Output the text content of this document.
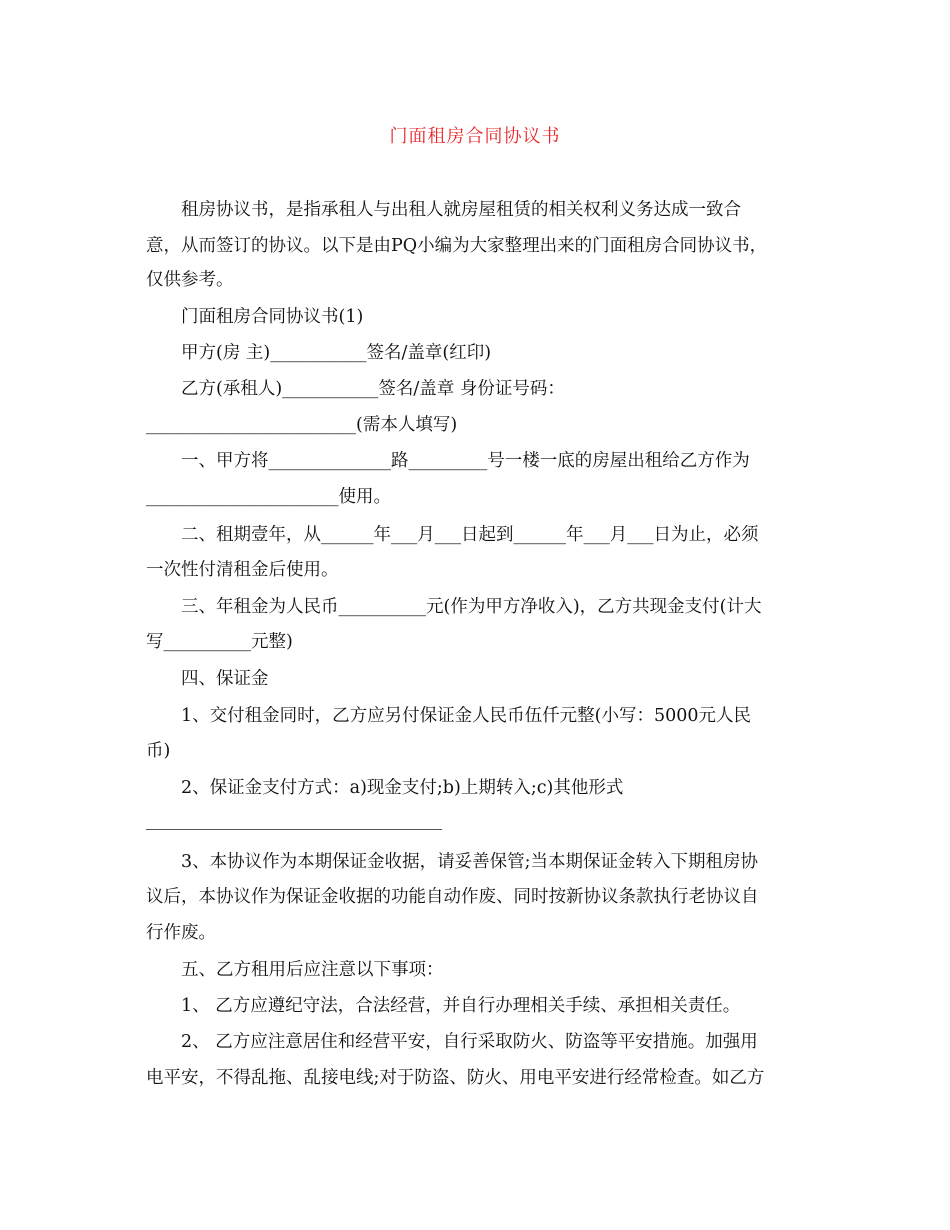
门面租房合同协议书
租房协议书，是指承租人与出租人就房屋租赁的相关权利义务达成一致合
意，从而签订的协议。以下是由PQ小编为大家整理出来的门面租房合同协议书，
仅供参考。
门面租房合同协议书(1)
甲方(房 主)___________签名/盖章(红印)
乙方(承租人)___________签名/盖章 身份证号码：
________________________(需本人填写)
一、甲方将______________路_________号一楼一底的房屋出租给乙方作为
______________________使用。
二、租期壹年，从______年___月___日起到______年___月___日为止，必须
一次性付清租金后使用。
三、年租金为人民币__________元(作为甲方净收入)，乙方共现金支付(计大
写__________元整)
四、保证金
1、交付租金同时，乙方应另付保证金人民币伍仟元整(小写：5000元人民
币)
2、保证金支付方式：a)现金支付;b)上期转入;c)其他形式
3、本协议作为本期保证金收据，请妥善保管;当本期保证金转入下期租房协
议后，本协议作为保证金收据的功能自动作废、同时按新协议条款执行老协议自
行作废。
五、乙方租用后应注意以下事项：
1、 乙方应遵纪守法，合法经营，并自行办理相关手续、承担相关责任。
2、 乙方应注意居住和经营平安，自行采取防火、防盗等平安措施。加强用
电平安，不得乱拖、乱接电线;对于防盗、防火、用电平安进行经常检查。如乙方
